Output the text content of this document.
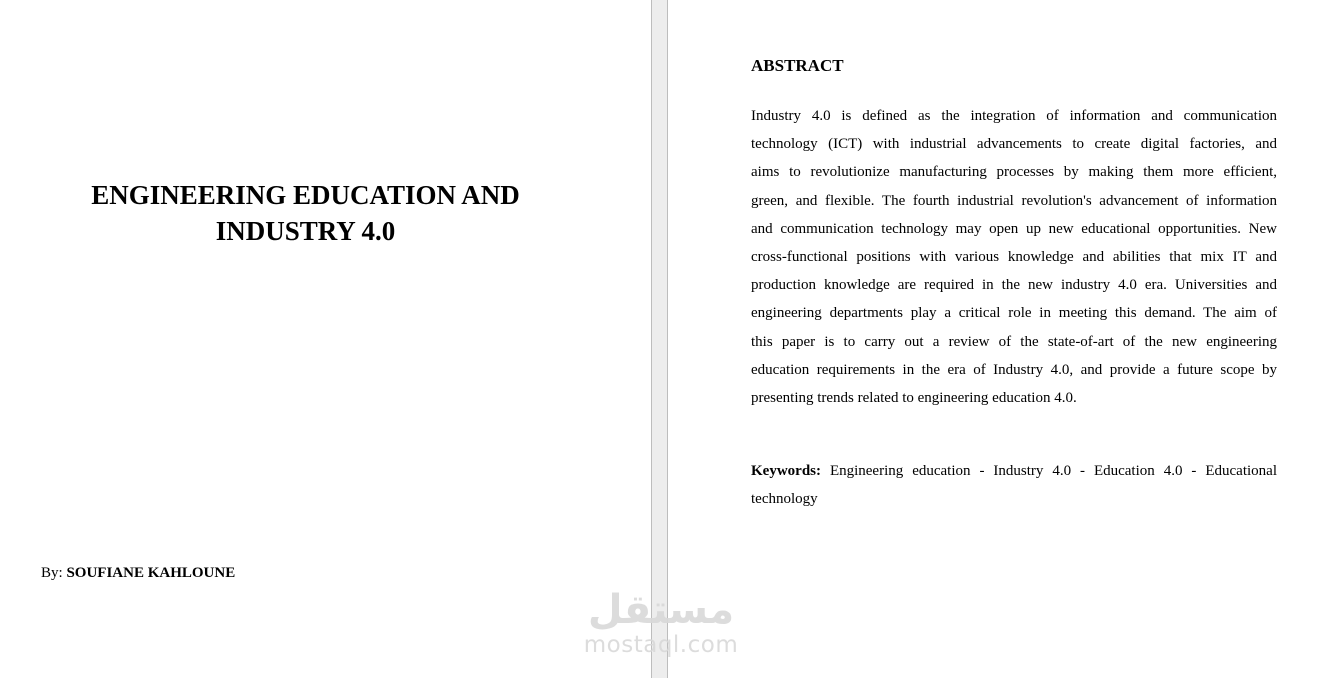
ENGINEERING EDUCATION AND
INDUSTRY 4.0
By: SOUFIANE KAHLOUNE
ABSTRACT

Industry 4.0 is defined as the integration of information and communication
technology (ICT) with industrial advancements to create digital factories, and
aims to revolutionize manufacturing processes by making them more efficient,
green, and flexible. The fourth industrial revolution's advancement of information
and communication technology may open up new educational opportunities. New
cross-functional positions with various knowledge and abilities that mix IT and
production knowledge are required in the new industry 4.0 era. Universities and
engineering departments play a critical role in meeting this demand. The aim of
this paper is to carry out a review of the state-of-art of the new engineering
education requirements in the era of Industry 4.0, and provide a future scope by
presenting trends related to engineering education 4.0.

Keywords: Engineering education - Industry 4.0 - Education 4.0 - Educational
technology

مستقل
mostaql.com
